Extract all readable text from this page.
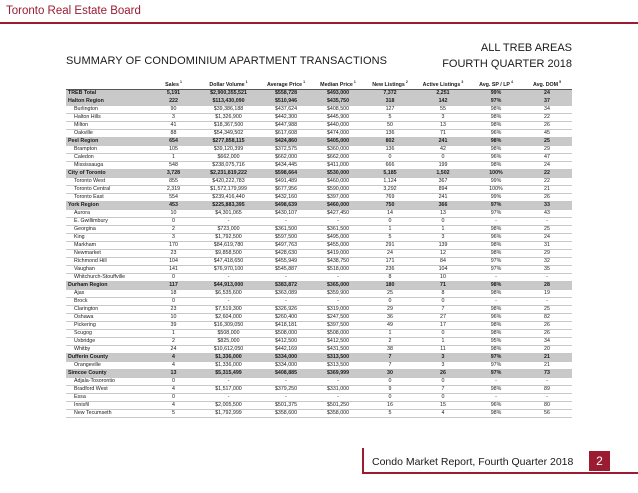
Toronto Real Estate Board
SUMMARY OF CONDOMINIUM APARTMENT TRANSACTIONS
ALL TREB AREAS
FOURTH QUARTER 2018
	Sales$^1$	Dollar Volume$^1$	Average Price$^1$	Median Price$^1$	New Listings$^2$	Active Listings$^3$	Avg. SP / $LP^4$	Avg. DOM$^5$
TREB Total	5,191	$2,900,355,521	$558,728	$493,000	7,372	2,251	99%	24
Halton Region	222	$113,430,090	$510,946	$435,750	318	142	97%	37
Burlington	90	$39,386,188	$437,624	$408,500	127	55	98%	34
Halton Hills	3	$1,326,900	$442,300	$445,900	5	3	98%	22
Milton	41	$18,367,500	$447,988	$440,000	50	13	98%	26
Oakville	88	$54,349,502	$617,608	$474,000	136	71	96%	45
Peel Region	654	$277,858,115	$424,860	$405,000	802	241	98%	25
Brampton	105	$39,120,399	$372,575	$360,000	136	42	98%	29
Caledon	1	$662,000	$662,000	$662,000	0	0	96%	47
Mississauga	548	$238,075,716	$434,445	$411,000	666	199	98%	24
City of Toronto	3,728	$2,231,819,222	$598,664	$530,000	5,185	1,502	100%	22
Toronto West	855	$420,222,783	$491,489	$460,000	1,124	367	99%	22
Toronto Central	2,319	$1,572,179,999	$677,956	$590,000	3,292	894	100%	21
Toronto East	554	$239,416,440	$432,160	$397,000	769	241	99%	26
York Region	453	$225,883,395	$498,639	$460,000	750	366	97%	33
Aurora	10	$4,301,065	$430,107	$427,450	14	13	97%	43
E. Gwillimbury	0	-	-	-	0	0	-	-
Georgina	2	$723,000	$361,500	$361,500	1	1	98%	25
King	3	$1,792,500	$597,500	$495,000	5	3	96%	24
Markham	170	$84,619,780	$497,763	$455,000	291	139	98%	31
Newmarket	23	$9,858,500	$428,630	$419,000	24	12	98%	29
Richmond Hill	104	$47,418,650	$455,949	$438,750	171	84	97%	32
Vaughan	141	$76,970,100	$545,887	$518,000	236	104	97%	35
Whitchurch-Stouffville	0	-	-	-	8	10	-	-
Durham Region	117	$44,913,000	$383,872	$365,000	180	71	98%	28
Ajax	18	$6,535,600	$363,089	$359,900	25	8	98%	19
Brock	0	-	-	-	0	0	-	-
Clarington	23	$7,519,300	$326,926	$319,000	29	7	98%	25
Oshawa	10	$2,604,000	$260,400	$247,500	36	27	96%	82
Pickering	39	$16,309,050	$418,181	$397,500	49	17	98%	26
Scugog	1	$508,000	$508,000	$508,000	1	0	98%	26
Uxbridge	2	$825,000	$412,500	$412,500	2	1	95%	34
Whitby	24	$10,612,050	$442,169	$431,500	38	11	98%	20
Dufferin County	4	$1,336,000	$334,000	$313,500	7	3	97%	21
Orangeville	4	$1,336,000	$334,000	$313,500	7	3	97%	21
Simcoe County	13	$5,315,499	$408,885	$369,999	30	26	97%	73
Adjala-Tosorontio	0	-	-	-	0	0	-	-
Bradford West	4	$1,517,000	$379,250	$331,000	9	7	98%	89
Essa	0	-	-	-	0	0	-	-
Innisfil	4	$2,005,500	$501,375	$501,250	16	15	96%	80
New Tecumseth	5	$1,792,999	$358,600	$358,000	5	4	98%	56
Condo Market Report, Fourth Quarter 2018	2
